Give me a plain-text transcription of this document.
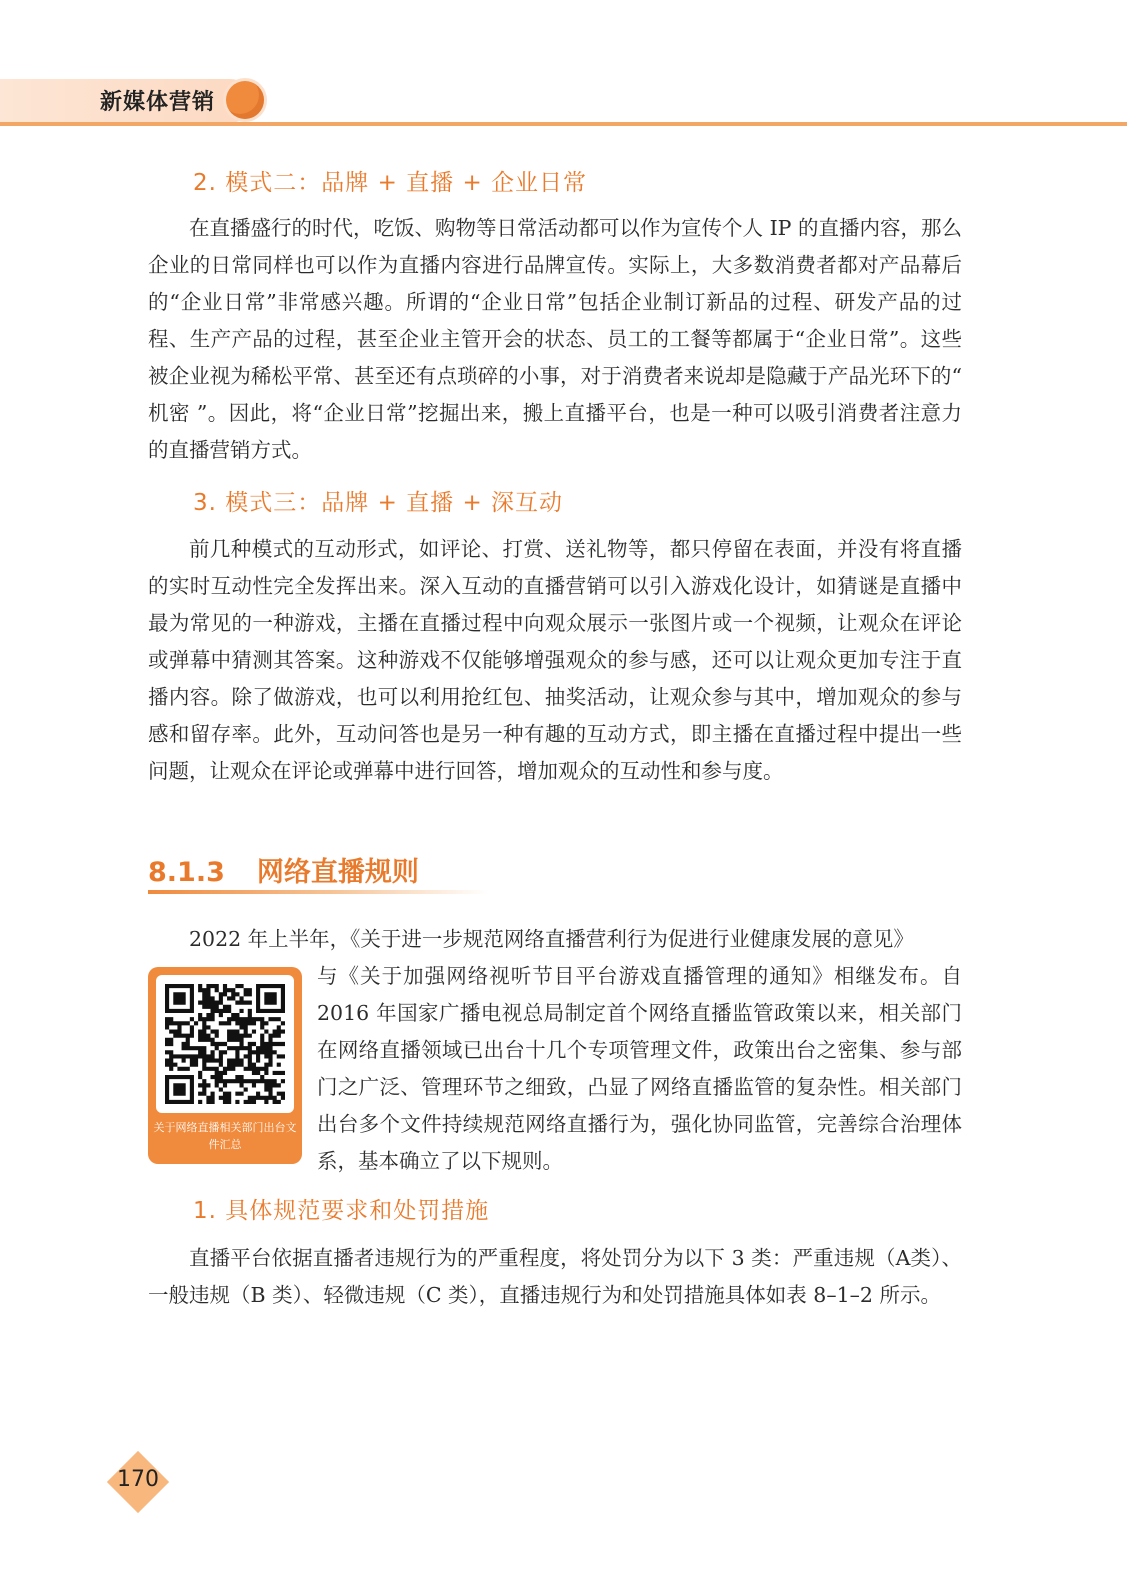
新媒体营销
2. 模式二：品牌 + 直播 + 企业日常
在直播盛行的时代，吃饭、购物等日常活动都可以作为宣传个人 IP 的直播内容，那么企业的日常同样也可以作为直播内容进行品牌宣传。实际上，大多数消费者都对产品幕后的“企业日常”非常感兴趣。所谓的“企业日常”包括企业制订新品的过程、研发产品的过程、生产产品的过程，甚至企业主管开会的状态、员工的工餐等都属于“企业日常”。这些被企业视为稀松平常、甚至还有点琐碎的小事，对于消费者来说却是隐藏于产品光环下的“ 机密 ”。因此，将“企业日常”挖掘出来，搬上直播平台，也是一种可以吸引消费者注意力的直播营销方式。
3. 模式三：品牌 + 直播 + 深互动
前几种模式的互动形式，如评论、打赏、送礼物等，都只停留在表面，并没有将直播的实时互动性完全发挥出来。深入互动的直播营销可以引入游戏化设计，如猜谜是直播中最为常见的一种游戏，主播在直播过程中向观众展示一张图片或一个视频，让观众在评论或弹幕中猜测其答案。这种游戏不仅能够增强观众的参与感，还可以让观众更加专注于直播内容。除了做游戏，也可以利用抢红包、抽奖活动，让观众参与其中，增加观众的参与感和留存率。此外，互动问答也是另一种有趣的互动方式，即主播在直播过程中提出一些问题，让观众在评论或弹幕中进行回答，增加观众的互动性和参与度。
8.1.3 网络直播规则
2022 年上半年，《关于进一步规范网络直播营利行为促进行业健康发展的意见》
与《关于加强网络视听节目平台游戏直播管理的通知》相继发布。自 2016 年国家广播电视总局制定首个网络直播监管政策以来，相关部门在网络直播领域已出台十几个专项管理文件，政策出台之密集、参与部门之广泛、管理环节之细致，凸显了网络直播监管的复杂性。相关部门出台多个文件持续规范网络直播行为，强化协同监管，完善综合治理体系，基本确立了以下规则。
关于网络直播相关部门出台文件汇总
1. 具体规范要求和处罚措施
直播平台依据直播者违规行为的严重程度，将处罚分为以下 3 类：严重违规（A类）、一般违规（B 类）、轻微违规（C 类），直播违规行为和处罚措施具体如表 8–1–2 所示。
170
